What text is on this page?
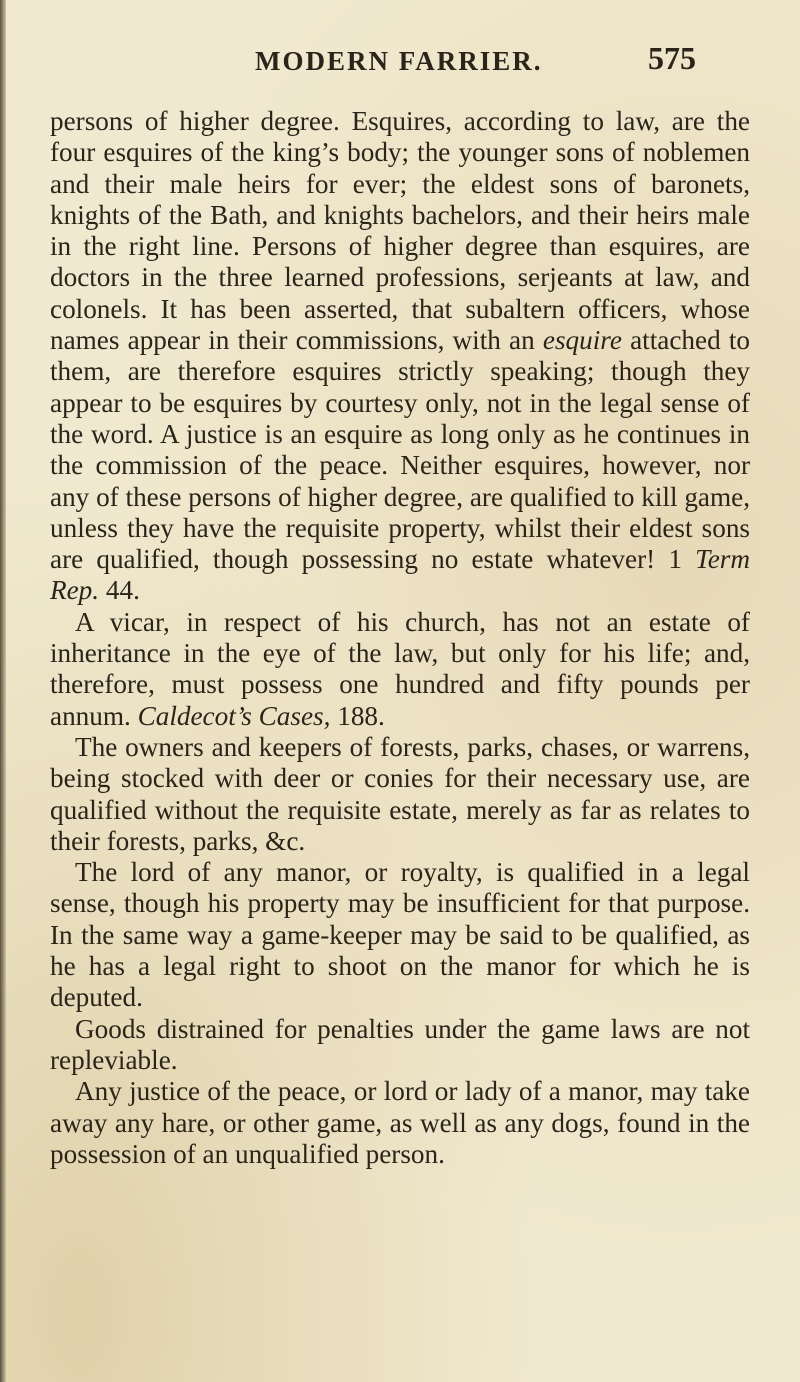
MODERN FARRIER.	575

persons of higher degree. Esquires, according to law, are the four esquires of the king’s body; the younger sons of noblemen and their male heirs for ever; the eldest sons of baronets, knights of the Bath, and knights bachelors, and their heirs male in the right line. Persons of higher degree than esquires, are doctors in the three learned professions, serjeants at law, and colonels. It has been asserted, that subaltern officers, whose names appear in their commissions, with an esquire attached to them, are therefore esquires strictly speaking; though they appear to be esquires by courtesy only, not in the legal sense of the word. A justice is an esquire as long only as he continues in the commission of the peace. Neither esquires, however, nor any of these persons of higher degree, are qualified to kill game, unless they have the requisite property, whilst their eldest sons are qualified, though possessing no estate whatever! 1 Term Rep. 44.

A vicar, in respect of his church, has not an estate of inheritance in the eye of the law, but only for his life; and, therefore, must possess one hundred and fifty pounds per annum. Caldecot’s Cases, 188.

The owners and keepers of forests, parks, chases, or warrens, being stocked with deer or conies for their necessary use, are qualified without the requisite estate, merely as far as relates to their forests, parks, &c.

The lord of any manor, or royalty, is qualified in a legal sense, though his property may be insufficient for that purpose. In the same way a game-keeper may be said to be qualified, as he has a legal right to shoot on the manor for which he is deputed.

Goods distrained for penalties under the game laws are not repleviable.

Any justice of the peace, or lord or lady of a manor, may take away any hare, or other game, as well as any dogs, found in the possession of an unqualified person.
